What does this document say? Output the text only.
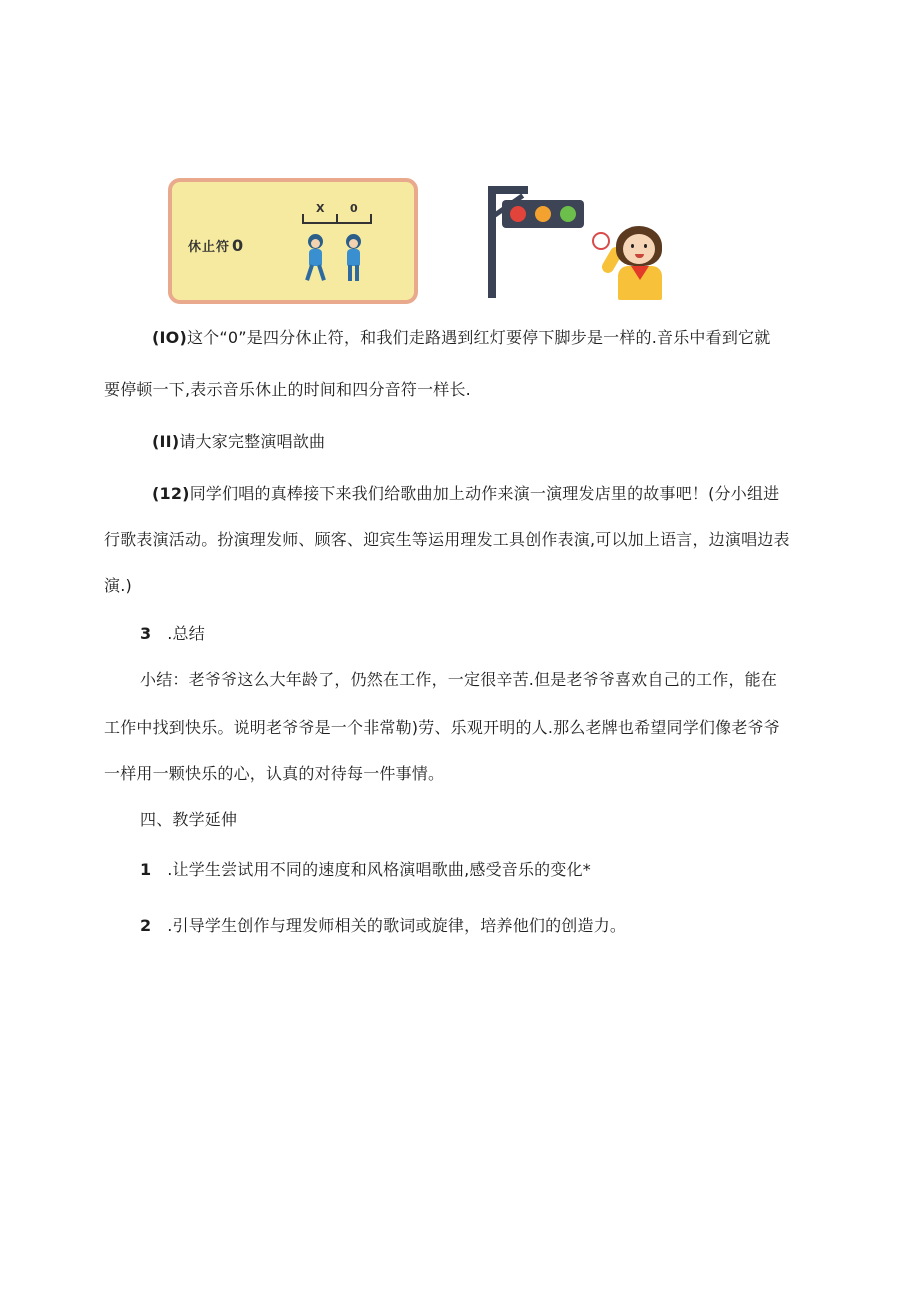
休止符 0
X 0
(IO)这个“0”是四分休止符，和我们走路遇到红灯要停下脚步是一样的.音乐中看到它就
要停顿一下,表示音乐休止的时间和四分音符一样长.
(II)请大家完整演唱歆曲
(12)同学们唱的真棒接下来我们给歌曲加上动作来演一演理发店里的故事吧！(分小组进
行歌表演活动。扮演理发师、顾客、迎宾生等运用理发工具创作表演,可以加上语言，边演唱边表
演.)
3 .总结
小结：老爷爷这么大年龄了，仍然在工作，一定很辛苦.但是老爷爷喜欢自己的工作，能在
工作中找到快乐。说明老爷爷是一个非常勒)劳、乐观开明的人.那么老牌也希望同学们像老爷爷
一样用一颗快乐的心，认真的对待每一件事情。
四、教学延伸
1 .让学生尝试用不同的速度和风格演唱歌曲,感受音乐的变化*
2 .引导学生创作与理发师相关的歌词或旋律，培养他们的创造力。
